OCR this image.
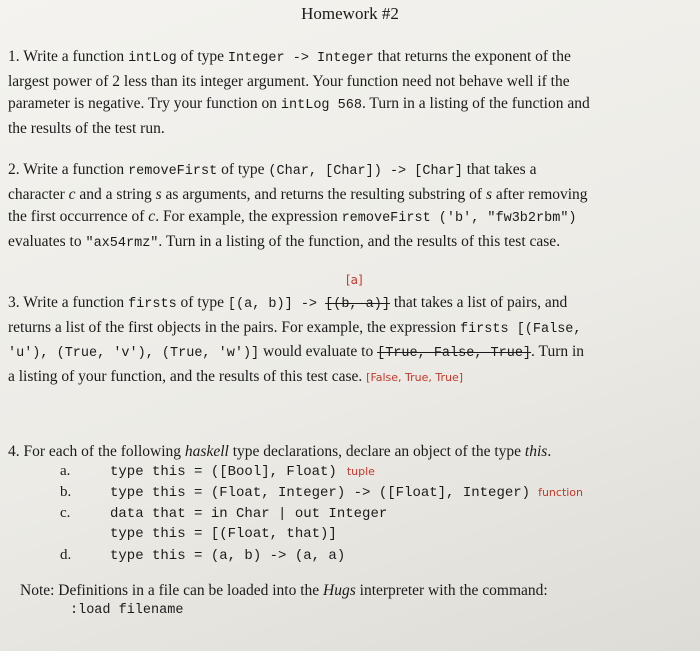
Homework #2
1. Write a function intLog of type Integer -> Integer that returns the exponent of the largest power of 2 less than its integer argument. Your function need not behave well if the parameter is negative. Try your function on intLog 568. Turn in a listing of the function and the results of the test run.
2. Write a function removeFirst of type (Char, [Char]) -> [Char] that takes a character c and a string s as arguments, and returns the resulting substring of s after removing the first occurrence of c. For example, the expression removeFirst ('b', "fw3b2rbm") evaluates to "ax54rmz". Turn in a listing of the function, and the results of this test case.
[a]
3. Write a function firsts of type [(a, b)] -> [(b, a)] that takes a list of pairs, and returns a list of the first objects in the pairs. For example, the expression firsts [(False, 'u'), (True, 'v'), (True, 'w')] would evaluate to [True, False, True]. Turn in a listing of your function, and the results of this test case. [False, True, True]
4. For each of the following haskell type declarations, declare an object of the type this.
a.	type this = ([Bool], Float) tuple
b.	type this = (Float, Integer) -> ([Float], Integer) function
c.	data that = in Char | out Integer
type this = [(Float, that)]
d.	type this = (a, b) -> (a, a)
Note: Definitions in a file can be loaded into the Hugs interpreter with the command:
:load filename
